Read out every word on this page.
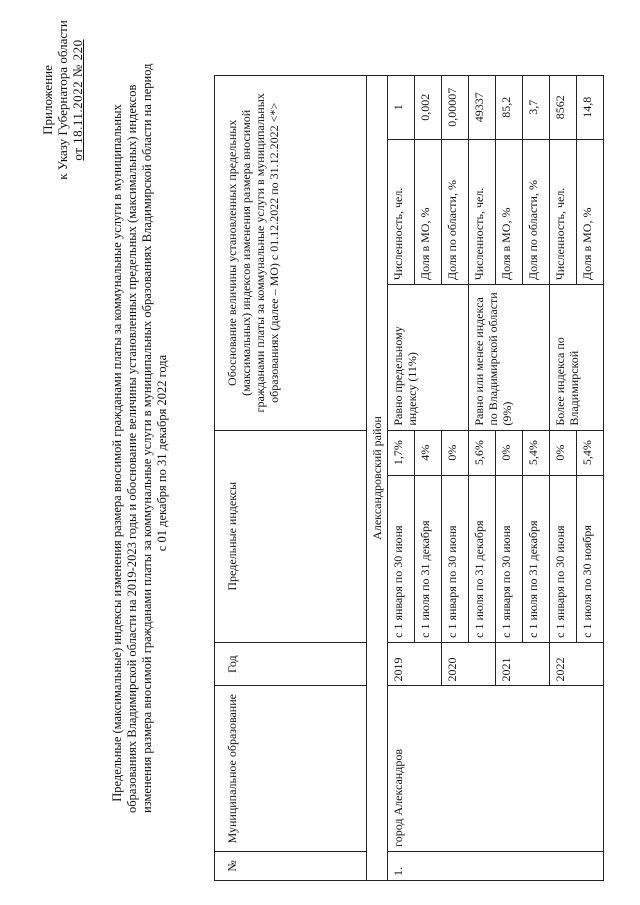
Приложение к Указу Губернатора области от 18.11.2022 № 220
Предельные (максимальные) индексы изменения размера вносимой гражданами платы за коммунальные услуги в муниципальных образованиях Владимирской области на 2019-2023 годы и обоснование величины установленных предельных (максимальных) индексов изменения размера вносимой гражданами платы за коммунальные услуги в муниципальных образованиях Владимирской области на период с 01 декабря по 31 декабря 2022 года
№	Муниципальное образование	Год	Предельные индексы		Обоснование величины установленных предельных (максимальных) индексов изменения размера вносимой гражданами платы за коммунальные услуги в муниципальных образованиях (далее – МО) с 01.12.2022 по 31.12.2022 <*>		
Александровский район							
1.	город Александров	2019	с 1 января по 30 июня	1,7%	Равно предельному индексу (11%)	Численность, чел.	1
			с 1 июля по 31 декабря	4%		Доля в МО, %	0,002
		2020	с 1 января по 30 июня	0%		Доля по области, %	0,00007
			с 1 июля по 31 декабря	5,6%	Равно или менее индекса по Владимирской области (9%)	Численность, чел.	49337
		2021	с 1 января по 30 июня	0%		Доля в МО, %	85,2
			с 1 июля по 31 декабря	5,4%		Доля по области, %	3,7
		2022	с 1 января по 30 июня	0%	Более индекса по Владимирской	Численность, чел.	8562
			с 1 июля по 30 ноября	5,4%		Доля в МО, %	14,8
